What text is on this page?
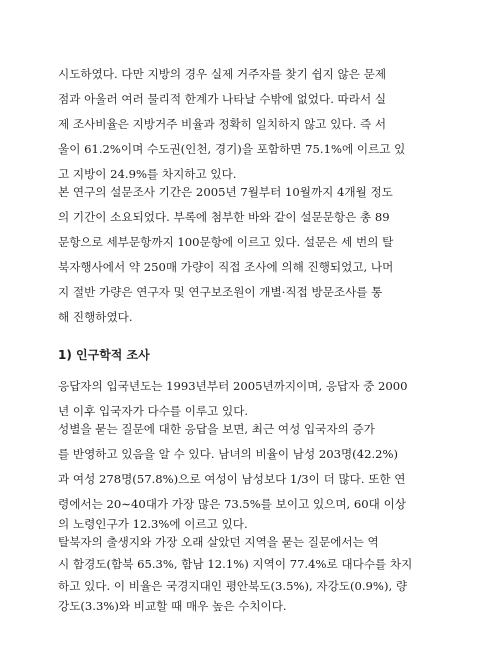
시도하였다. 다만 지방의 경우 실제 거주자를 찾기 쉽지 않은 문제
점과 아울러 여러 물리적 한계가 나타날 수밖에 없었다. 따라서 실
제 조사비율은 지방거주 비율과 정확히 일치하지 않고 있다. 즉 서
울이 61.2%이며 수도권(인천, 경기)을 포함하면 75.1%에 이르고 있
고 지방이 24.9%를 차지하고 있다.
본 연구의 설문조사 기간은 2005년 7월부터 10월까지 4개월 정도
의 기간이 소요되었다. 부록에 첨부한 바와 같이 설문문항은 총 89
문항으로 세부문항까지 100문항에 이르고 있다. 설문은 세 번의 탈
북자행사에서 약 250매 가량이 직접 조사에 의해 진행되었고, 나머
지 절반 가량은 연구자 및 연구보조원이 개별·직접 방문조사를 통
해 진행하였다.
1) 인구학적 조사
응답자의 입국년도는 1993년부터 2005년까지이며, 응답자 중 2000
년 이후 입국자가 다수를 이루고 있다.
성별을 묻는 질문에 대한 응답을 보면, 최근 여성 입국자의 증가
를 반영하고 있음을 알 수 있다. 남녀의 비율이 남성 203명(42.2%)
과 여성 278명(57.8%)으로 여성이 남성보다 1/3이 더 많다. 또한 연
령에서는 20∼40대가 가장 많은 73.5%를 보이고 있으며, 60대 이상
의 노령인구가 12.3%에 이르고 있다.
탈북자의 출생지와 가장 오래 살았던 지역을 묻는 질문에서는 역
시 함경도(함북 65.3%, 함남 12.1%) 지역이 77.4%로 대다수를 차지
하고 있다. 이 비율은 국경지대인 평안북도(3.5%), 자강도(0.9%), 량
강도(3.3%)와 비교할 때 매우 높은 수치이다.
